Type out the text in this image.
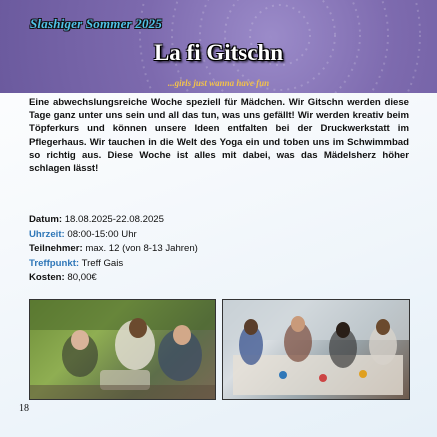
Slashiger Sommer 2025
La fi Gitschn
...girls just wanna have fun

Eine abwechslungsreiche Woche speziell für Mädchen. Wir Gitschn werden diese Tage ganz unter uns sein und all das tun, was uns gefällt! Wir werden kreativ beim Töpferkurs und können unsere Ideen entfalten bei der Druckwerkstatt im Pflegerhaus. Wir tauchen in die Welt des Yoga ein und toben uns im Schwimmbad so richtig aus. Diese Woche ist alles mit dabei, was das Mädelsherz höher schlagen lässt!

Datum: 18.08.2025-22.08.2025
Uhrzeit: 08:00-15:00 Uhr
Teilnehmer: max. 12 (von 8-13 Jahren)
Treffpunkt: Treff Gais
Kosten: 80,00€
18
